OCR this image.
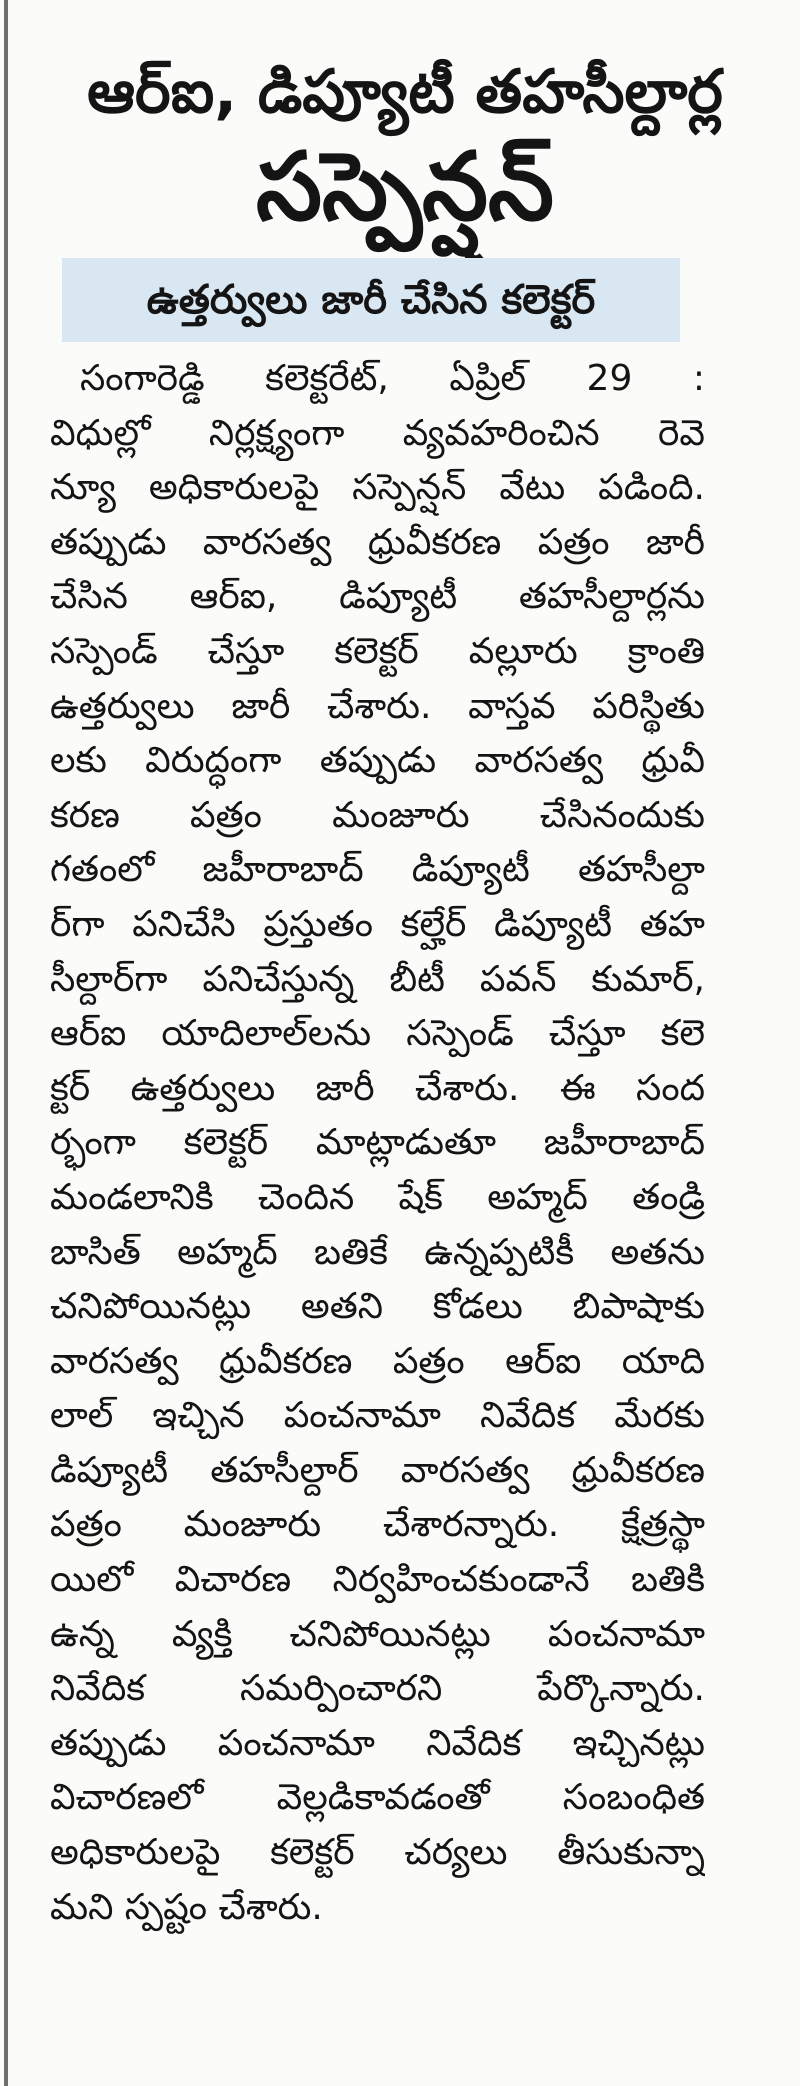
ఆర్ఐ, డిప్యూటీ తహసీల్దార్ల
సస్పెన్షన్
ఉత్తర్వులు జారీ చేసిన కలెక్టర్
సంగారెడ్డి కలెక్టరేట్, ఏప్రిల్ 29 :
విధుల్లో నిర్లక్ష్యంగా వ్యవహరించిన రెవె
న్యూ అధికారులపై సస్పెన్షన్ వేటు పడింది.
తప్పుడు వారసత్వ ధ్రువీకరణ పత్రం జారీ
చేసిన ఆర్ఐ, డిప్యూటీ తహసీల్దార్లను
సస్పెండ్ చేస్తూ కలెక్టర్ వల్లూరు క్రాంతి
ఉత్తర్వులు జారీ చేశారు. వాస్తవ పరిస్థితు
లకు విరుద్ధంగా తప్పుడు వారసత్వ ధ్రువీ
కరణ పత్రం మంజూరు చేసినందుకు
గతంలో జహీరాబాద్ డిప్యూటీ తహసీల్దా
ర్‌గా పనిచేసి ప్రస్తుతం కల్హేర్ డిప్యూటీ తహ
సీల్దార్‌గా పనిచేస్తున్న బీటీ పవన్ కుమార్,
ఆర్ఐ యాదిలాల్‌లను సస్పెండ్ చేస్తూ కలె
క్టర్ ఉత్తర్వులు జారీ చేశారు. ఈ సంద
ర్భంగా కలెక్టర్ మాట్లాడుతూ జహీరాబాద్
మండలానికి చెందిన షేక్ అహ్మద్ తండ్రి
బాసిత్ అహ్మద్ బతికే ఉన్నప్పటికీ అతను
చనిపోయినట్లు అతని కోడలు బిపాషాకు
వారసత్వ ధ్రువీకరణ పత్రం ఆర్ఐ యాది
లాల్ ఇచ్చిన పంచనామా నివేదిక మేరకు
డిప్యూటీ తహసీల్దార్ వారసత్వ ధ్రువీకరణ
పత్రం మంజూరు చేశారన్నారు. క్షేత్రస్థా
యిలో విచారణ నిర్వహించకుండానే బతికి
ఉన్న వ్యక్తి చనిపోయినట్లు పంచనామా
నివేదిక సమర్పించారని పేర్కొన్నారు.
తప్పుడు పంచనామా నివేదిక ఇచ్చినట్లు
విచారణలో వెల్లడికావడంతో సంబంధిత
అధికారులపై కలెక్టర్ చర్యలు తీసుకున్నా
మని స్పష్టం చేశారు.
